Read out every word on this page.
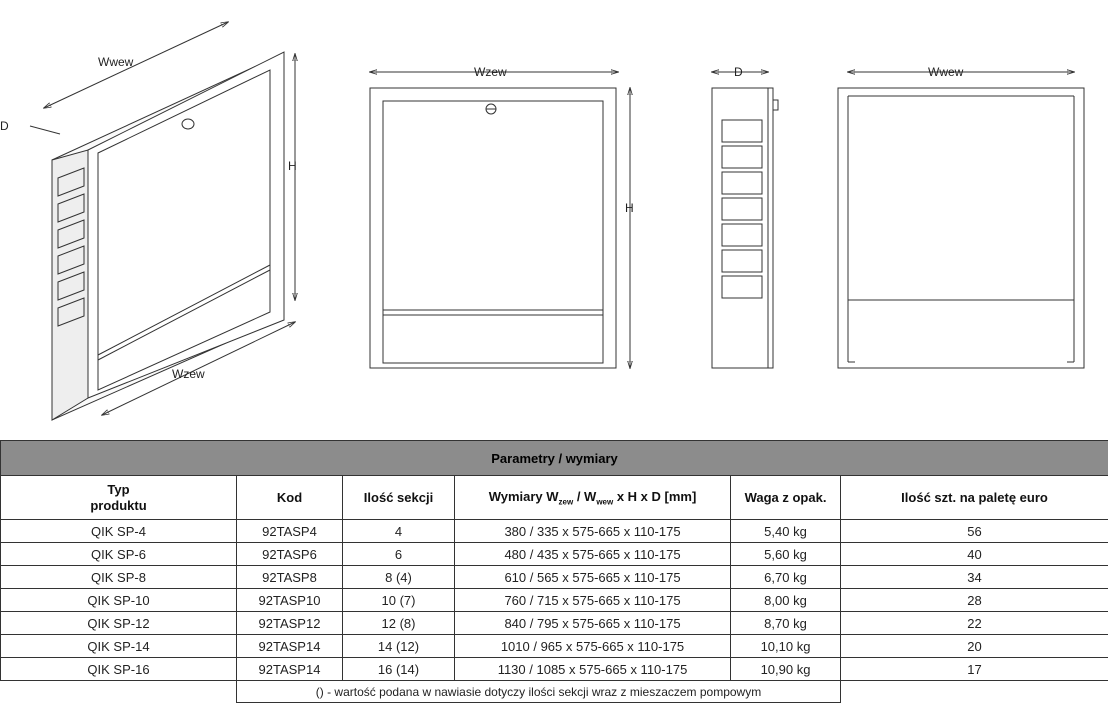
Wwew
Wzew
D
H
Wzew
H
D	Wwew
Parametry / wymiary					
Typ
produktu	Kod	Ilość sekcji	Wymiary $W_{zew} / W_{wew}$ x H x D [mm]	Waga z opak.	Ilość szt. na paletę euro
QIK SP-4	92TASP4	4	380 / 335 x 575-665 x 110-175	5,40 kg	56
QIK SP-6	92TASP6	6	480 / 435 x 575-665 x 110-175	5,60 kg	40
QIK SP-8	92TASP8	8 (4)	610 / 565 x 575-665 x 110-175	6,70 kg	34
QIK SP-10	92TASP10	10 (7)	760 / 715 x 575-665 x 110-175	8,00 kg	28
QIK SP-12	92TASP12	12 (8)	840 / 795 x 575-665 x 110-175	8,70 kg	22
QIK SP-14	92TASP14	14 (12)	1010 / 965 x 575-665 x 110-175	10,10 kg	20
QIK SP-16	92TASP14	16 (14)	1130 / 1085 x 575-665 x 110-175	10,90 kg	17
	() - wartość podana w nawiasie dotyczy ilości sekcji wraz z mieszaczem pompowym				
